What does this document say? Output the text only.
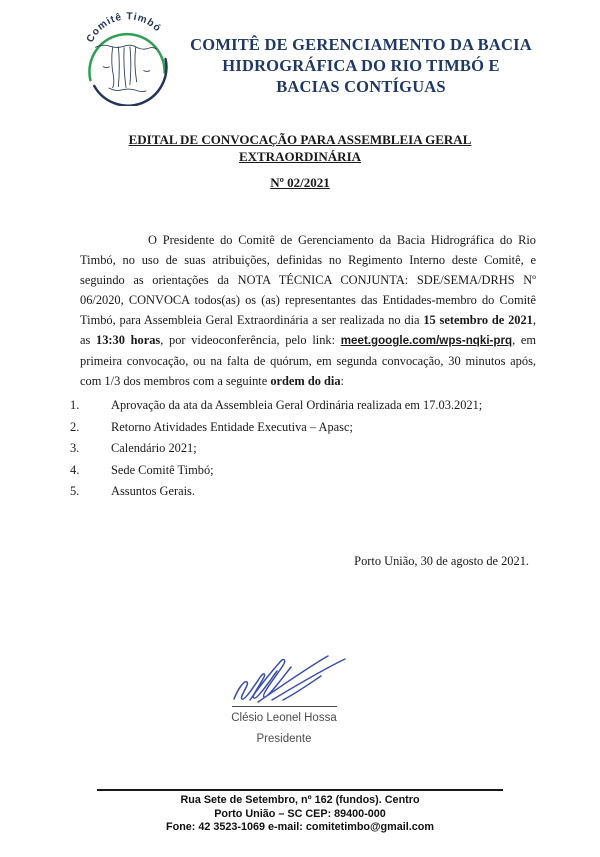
Comitê Timbó
COMITÊ DE GERENCIAMENTO DA BACIA
HIDROGRÁFICA DO RIO TIMBÓ E
BACIAS CONTÍGUAS
EDITAL DE CONVOCAÇÃO PARA ASSEMBLEIA GERAL
EXTRAORDINÁRIA
Nº 02/2021
O Presidente do Comitê de Gerenciamento da Bacia Hidrográfica do Rio Timbó, no uso de suas atribuições, definidas no Regimento Interno deste Comitê, e seguindo as orientações da NOTA TÉCNICA CONJUNTA: SDE/SEMA/DRHS Nº 06/2020, CONVOCA todos(as) os (as) representantes das Entidades-membro do Comitê Timbó, para Assembleia Geral Extraordinária a ser realizada no dia 15 setembro de 2021, as 13:30 horas, por videoconferência, pelo link: meet.google.com/wps-nqki-prq, em primeira convocação, ou na falta de quórum, em segunda convocação, 30 minutos após, com 1/3 dos membros com a seguinte ordem do dia:
1.	Aprovação da ata da Assembleia Geral Ordinária realizada em 17.03.2021;
2.	Retorno Atividades Entidade Executiva – Apasc;
3.	Calendário 2021;
4.	Sede Comitê Timbó;
5.	Assuntos Gerais.
Porto União, 30 de agosto de 2021.
Clésio Leonel Hossa
Presidente
Rua Sete de Setembro, nº 162 (fundos). Centro
Porto União – SC CEP: 89400-000
Fone: 42 3523-1069 e-mail: comitetimbo@gmail.com
